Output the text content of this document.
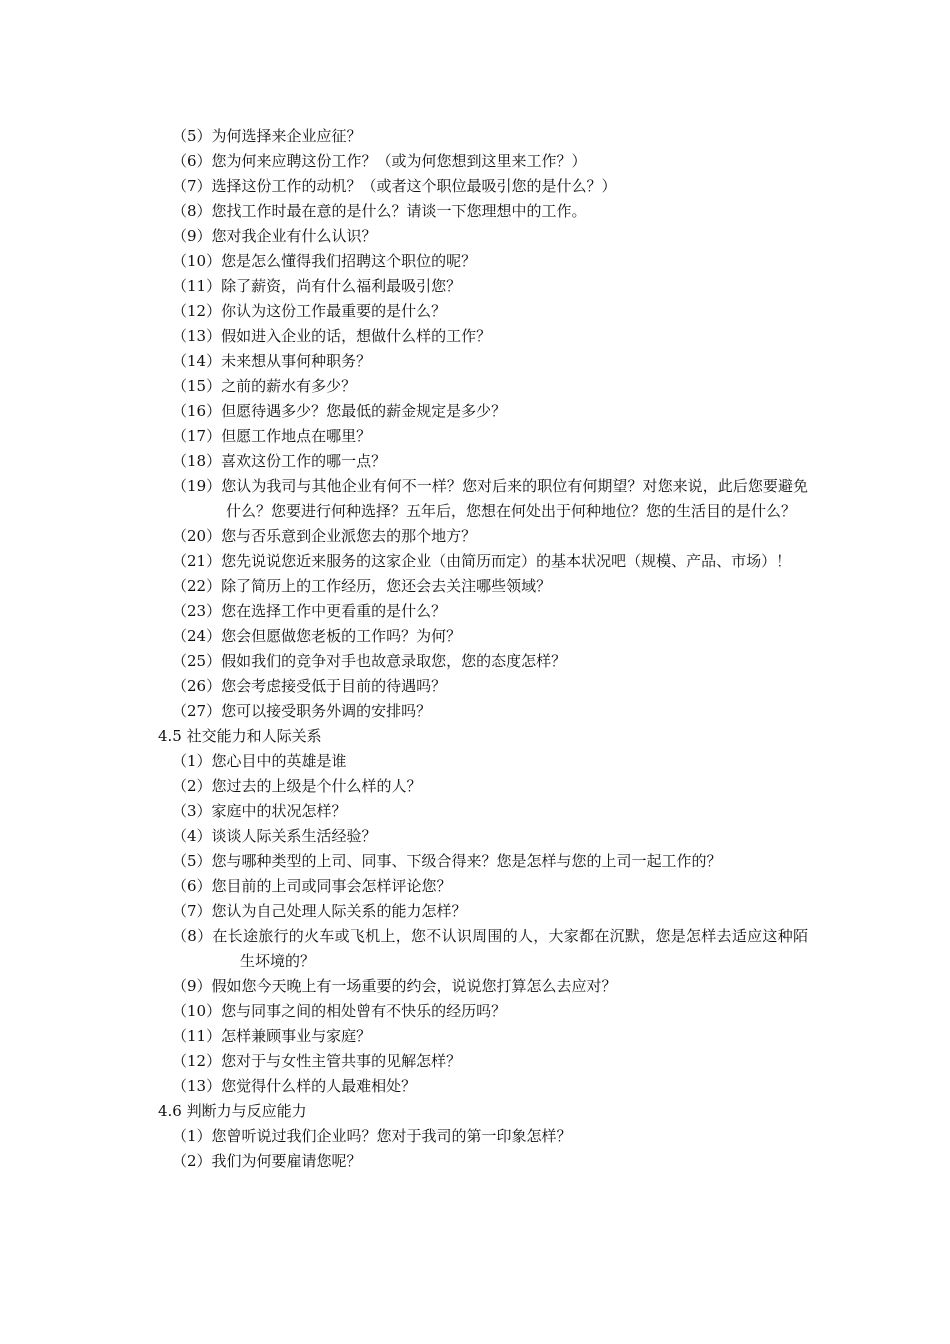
（5）为何选择来企业应征？
（6）您为何来应聘这份工作？（或为何您想到这里来工作？）
（7）选择这份工作的动机？（或者这个职位最吸引您的是什么？）
（8）您找工作时最在意的是什么？请谈一下您理想中的工作。
（9）您对我企业有什么认识？
（10）您是怎么懂得我们招聘这个职位的呢？
（11）除了薪资，尚有什么福利最吸引您？
（12）你认为这份工作最重要的是什么？
（13）假如进入企业的话，想做什么样的工作？
（14）未来想从事何种职务？
（15）之前的薪水有多少？
（16）但愿待遇多少？您最低的薪金规定是多少？
（17）但愿工作地点在哪里？
（18）喜欢这份工作的哪一点？
（19）您认为我司与其他企业有何不一样？您对后来的职位有何期望？对您来说，此后您要避免什么？您要进行何种选择？五年后，您想在何处出于何种地位？您的生活目的是什么？
（20）您与否乐意到企业派您去的那个地方？
（21）您先说说您近来服务的这家企业（由简历而定）的基本状况吧（规模、产品、市场）！
（22）除了简历上的工作经历，您还会去关注哪些领域？
（23）您在选择工作中更看重的是什么？
（24）您会但愿做您老板的工作吗？为何？
（25）假如我们的竞争对手也故意录取您，您的态度怎样？
（26）您会考虑接受低于目前的待遇吗？
（27）您可以接受职务外调的安排吗？
4.5 社交能力和人际关系
（1）您心目中的英雄是谁
（2）您过去的上级是个什么样的人？
（3）家庭中的状况怎样？
（4）谈谈人际关系生活经验？
（5）您与哪种类型的上司、同事、下级合得来？您是怎样与您的上司一起工作的？
（6）您目前的上司或同事会怎样评论您？
（7）您认为自己处理人际关系的能力怎样？
（8）在长途旅行的火车或飞机上，您不认识周围的人，大家都在沉默，您是怎样去适应这种陌生坏境的？
（9）假如您今天晚上有一场重要的约会，说说您打算怎么去应对？
（10）您与同事之间的相处曾有不快乐的经历吗？
（11）怎样兼顾事业与家庭？
（12）您对于与女性主管共事的见解怎样？
（13）您觉得什么样的人最难相处？
4.6 判断力与反应能力
（1）您曾听说过我们企业吗？您对于我司的第一印象怎样？
（2）我们为何要雇请您呢？
